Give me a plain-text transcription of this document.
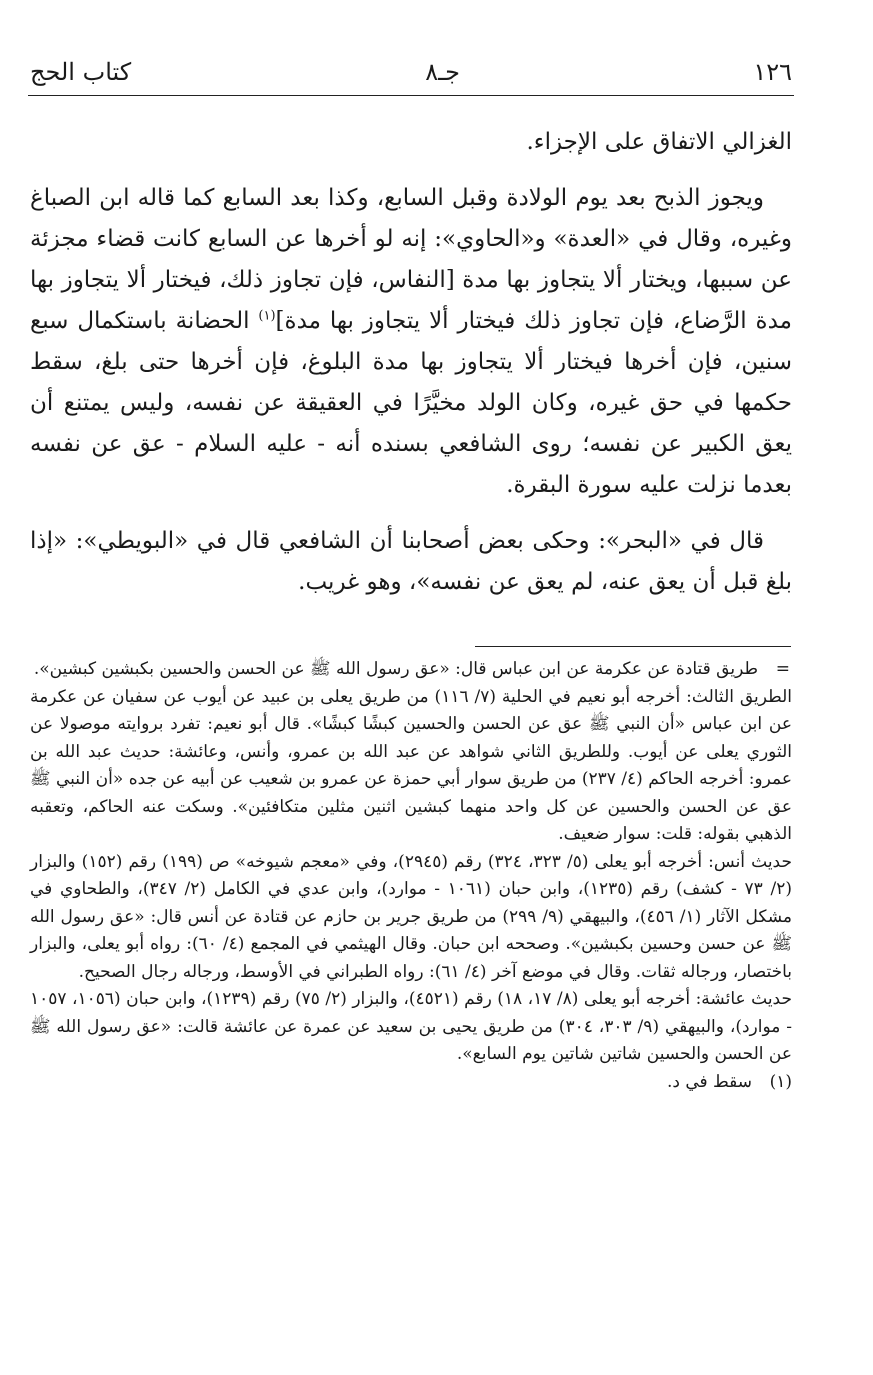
١٢٦
جـ٨
كتاب الحج

الغزالي الاتفاق على الإجزاء.

ويجوز الذبح بعد يوم الولادة وقبل السابع، وكذا بعد السابع كما قاله ابن الصباغ وغيره، وقال في «العدة» و«الحاوي»: إنه لو أخرها عن السابع كانت قضاء مجزئة عن سببها، ويختار ألا يتجاوز بها مدة [النفاس، فإن تجاوز ذلك، فيختار ألا يتجاوز بها مدة الرَّضاع، فإن تجاوز ذلك فيختار ألا يتجاوز بها مدة]$^{(١)}$ الحضانة باستكمال سبع سنين، فإن أخرها فيختار ألا يتجاوز بها مدة البلوغ، فإن أخرها حتى بلغ، سقط حكمها في حق غيره، وكان الولد مخيَّرًا في العقيقة عن نفسه، وليس يمتنع أن يعق الكبير عن نفسه؛ روى الشافعي بسنده أنه - عليه السلام - عق عن نفسه بعدما نزلت عليه سورة البقرة.

قال في «البحر»: وحكى بعض أصحابنا أن الشافعي قال في «البويطي»: «إذا بلغ قبل أن يعق عنه، لم يعق عن نفسه»، وهو غريب.

=
طريق قتادة عن عكرمة عن ابن عباس قال: «عق رسول الله ﷺ عن الحسن والحسين بكبشين كبشين».

الطريق الثالث: أخرجه أبو نعيم في الحلية (٧/ ١١٦) من طريق يعلى بن عبيد عن أيوب عن سفيان عن عكرمة عن ابن عباس «أن النبي ﷺ عق عن الحسن والحسين كبشًا كبشًا». قال أبو نعيم: تفرد بروايته موصولا عن الثوري يعلى عن أيوب. وللطريق الثاني شواهد عن عبد الله بن عمرو، وأنس، وعائشة: حديث عبد الله بن عمرو: أخرجه الحاكم (٤/ ٢٣٧) من طريق سوار أبي حمزة عن عمرو بن شعيب عن أبيه عن جده «أن النبي ﷺ عق عن الحسن والحسين عن كل واحد منهما كبشين اثنين مثلين متكافئين». وسكت عنه الحاكم، وتعقبه الذهبي بقوله: قلت: سوار ضعيف.

حديث أنس: أخرجه أبو يعلى (٥/ ٣٢٣، ٣٢٤) رقم (٢٩٤٥)، وفي «معجم شيوخه» ص (١٩٩) رقم (١٥٢) والبزار (٢/ ٧٣ - كشف) رقم (١٢٣٥)، وابن حبان (١٠٦١ - موارد)، وابن عدي في الكامل (٢/ ٣٤٧)، والطحاوي في مشكل الآثار (١/ ٤٥٦)، والبيهقي (٩/ ٢٩٩) من طريق جرير بن حازم عن قتادة عن أنس قال: «عق رسول الله ﷺ عن حسن وحسين بكبشين». وصححه ابن حبان. وقال الهيثمي في المجمع (٤/ ٦٠): رواه أبو يعلى، والبزار باختصار، ورجاله ثقات. وقال في موضع آخر (٤/ ٦١): رواه الطبراني في الأوسط، ورجاله رجال الصحيح.

حديث عائشة: أخرجه أبو يعلى (٨/ ١٧، ١٨) رقم (٤٥٢١)، والبزار (٢/ ٧٥) رقم (١٢٣٩)، وابن حبان (١٠٥٦، ١٠٥٧ - موارد)، والبيهقي (٩/ ٣٠٣، ٣٠٤) من طريق يحيى بن سعيد عن عمرة عن عائشة قالت: «عق رسول الله ﷺ عن الحسن والحسين شاتين شاتين يوم السابع».

(١)
سقط في د.
